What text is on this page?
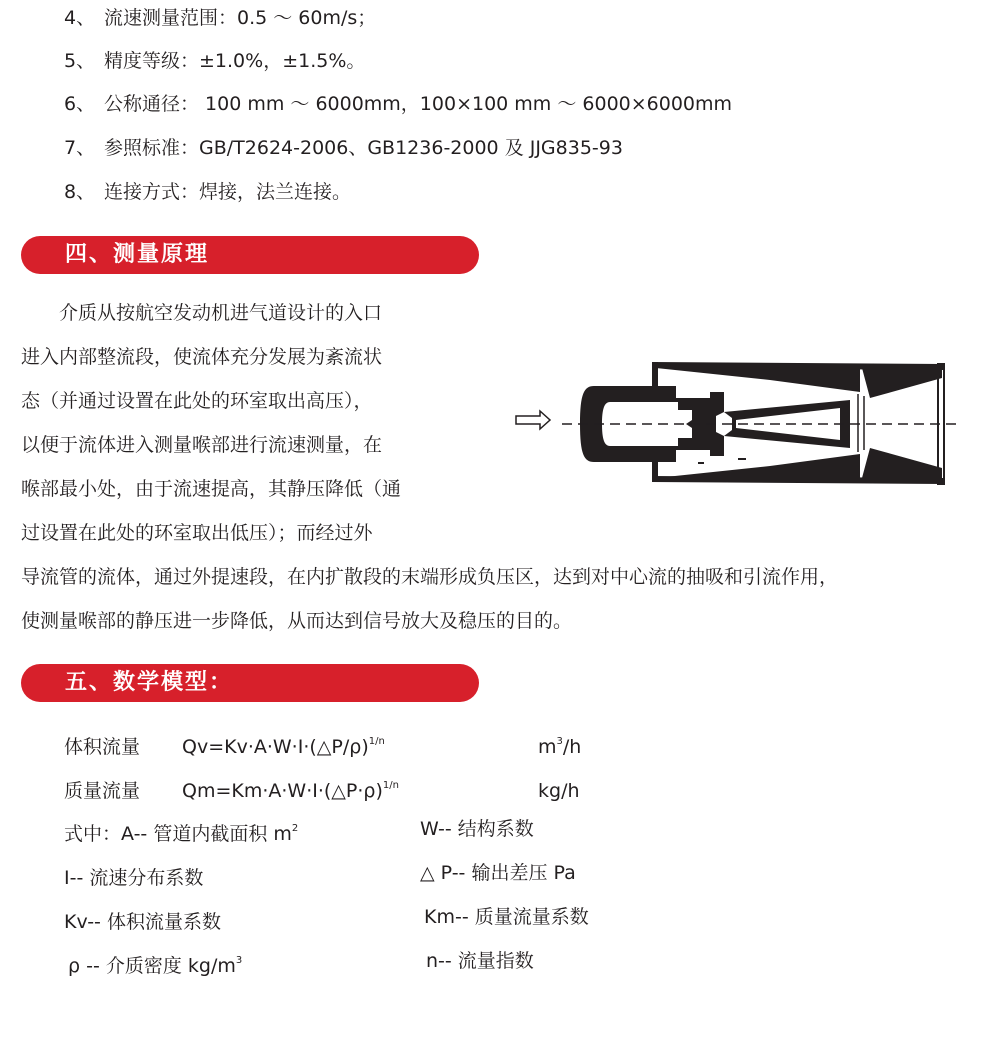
4、 流速测量范围：0.5 ～ 60m/s；
5、 精度等级：±1.0%，±1.5%。
6、 公称通径： 100 mm ～ 6000mm，100×100 mm ～ 6000×6000mm
7、 参照标准：GB/T2624-2006、GB1236-2000 及 JJG835-93
8、 连接方式：焊接，法兰连接。
四、测量原理
　　介质从按航空发动机进气道设计的入口
进入内部整流段，使流体充分发展为紊流状
态（并通过设置在此处的环室取出高压），
以便于流体进入测量喉部进行流速测量，在
喉部最小处，由于流速提高，其静压降低（通
过设置在此处的环室取出低压）；而经过外
导流管的流体，通过外提速段，在内扩散段的末端形成负压区，达到对中心流的抽吸和引流作用，
使测量喉部的静压进一步降低，从而达到信号放大及稳压的目的。
五、数学模型：
体积流量 Qv=Kv·A·W·I·(△P/ρ)$^{1/n}$	$m^3/h$
质量流量 Qm=Km·A·W·I·(△P·ρ)$^{1/n}$	kg/h
式中：A-- 管道内截面积 $m^2$	W-- 结构系数
I-- 流速分布系数	△ P-- 输出差压 Pa
Kv-- 体积流量系数	Km-- 质量流量系数
ρ -- 介质密度 $kg/m^3$	n-- 流量指数
